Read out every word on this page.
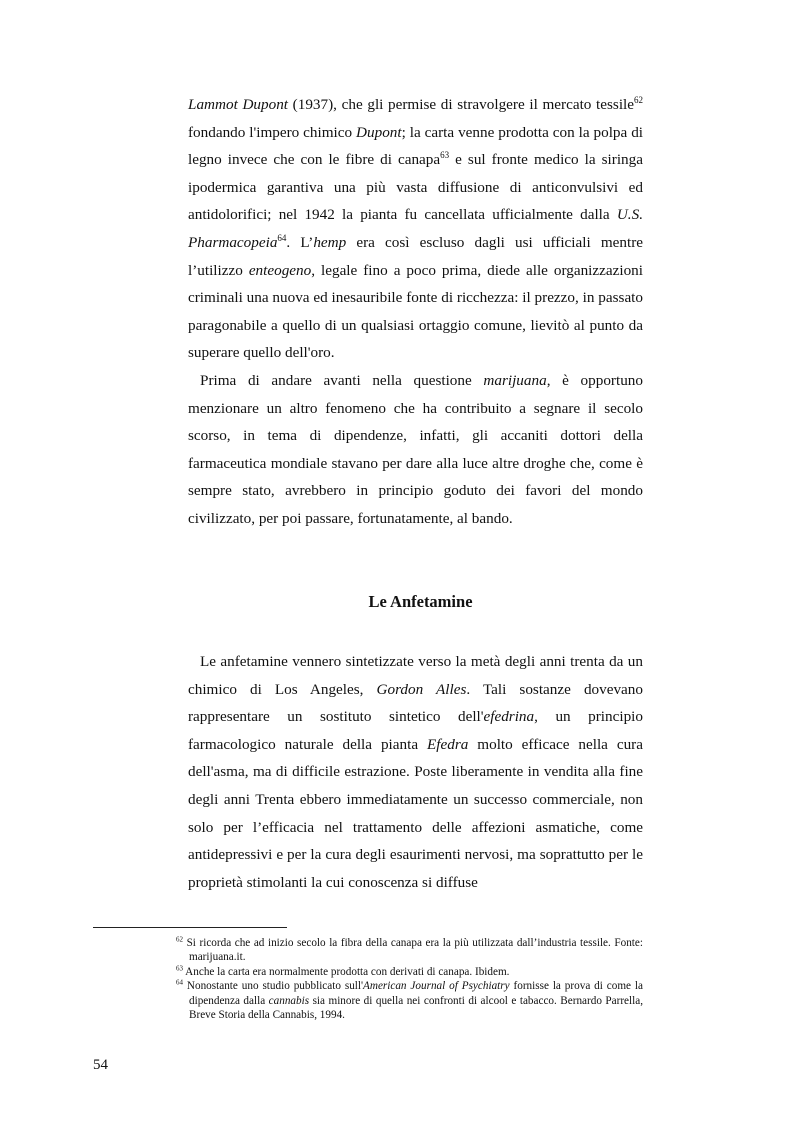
Lammot Dupont (1937), che gli permise di stravolgere il mercato tessile$^{62}$ fondando l'impero chimico Dupont; la carta venne prodotta con la polpa di legno invece che con le fibre di canapa$^{63}$ e sul fronte medico la siringa ipodermica garantiva una più vasta diffusione di anticonvulsivi ed antidolorifici; nel 1942 la pianta fu cancellata ufficialmente dalla U.S. Pharmacopeia$^{64}$. L’hemp era così escluso dagli usi ufficiali mentre l’utilizzo enteogeno, legale fino a poco prima, diede alle organizzazioni criminali una nuova ed inesauribile fonte di ricchezza: il prezzo, in passato paragonabile a quello di un qualsiasi ortaggio comune, lievitò al punto da superare quello dell'oro.

Prima di andare avanti nella questione marijuana, è opportuno menzionare un altro fenomeno che ha contribuito a segnare il secolo scorso, in tema di dipendenze, infatti, gli accaniti dottori della farmaceutica mondiale stavano per dare alla luce altre droghe che, come è sempre stato, avrebbero in principio goduto dei favori del mondo civilizzato, per poi passare, fortunatamente, al bando.

Le Anfetamine

Le anfetamine vennero sintetizzate verso la metà degli anni trenta da un chimico di Los Angeles, Gordon Alles. Tali sostanze dovevano rappresentare un sostituto sintetico dell'efedrina, un principio farmacologico naturale della pianta Efedra molto efficace nella cura dell'asma, ma di difficile estrazione. Poste liberamente in vendita alla fine degli anni Trenta ebbero immediatamente un successo commerciale, non solo per l’efficacia nel trattamento delle affezioni asmatiche, come antidepressivi e per la cura degli esaurimenti nervosi, ma soprattutto per le proprietà stimolanti la cui conoscenza si diffuse

$^{62}$ Si ricorda che ad inizio secolo la fibra della canapa era la più utilizzata dall’industria tessile. Fonte: marijuana.it.

$^{63}$ Anche la carta era normalmente prodotta con derivati di canapa. Ibidem.

$^{64}$ Nonostante uno studio pubblicato sull'American Journal of Psychiatry fornisse la prova di come la dipendenza dalla cannabis sia minore di quella nei confronti di alcool e tabacco. Bernardo Parrella, Breve Storia della Cannabis, 1994.

54
